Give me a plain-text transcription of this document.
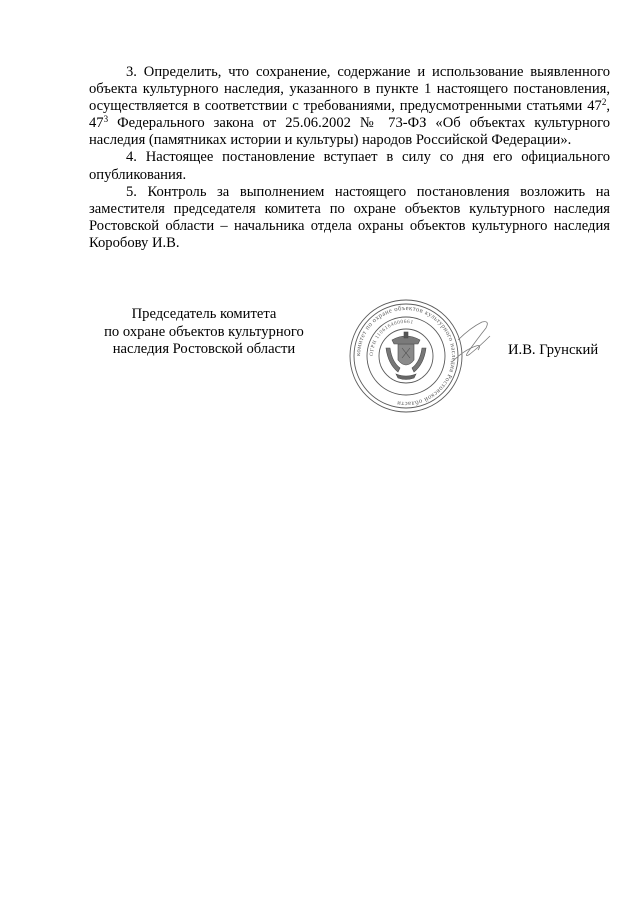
3. Определить, что сохранение, содержание и использование выявленного объекта культурного наследия, указанного в пункте 1 настоящего постановления, осуществляется в соответствии с требованиями, предусмотренными статьями $47^2$, $47^3$ Федерального закона от 25.06.2002 № 73-ФЗ «Об объектах культурного наследия (памятниках истории и культуры) народов Российской Федерации».

4. Настоящее постановление вступает в силу со дня его официального опубликования.

5. Контроль за выполнением настоящего постановления возложить на заместителя председателя комитета по охране объектов культурного наследия Ростовской области – начальника отдела охраны объектов культурного наследия Коробову И.В.

Председатель комитета
по охране объектов культурного
наследия Ростовской области	комитет по охране объектов культурного наследия Ростовской области
ОГРН 1106164000661
И.В. Грунский
